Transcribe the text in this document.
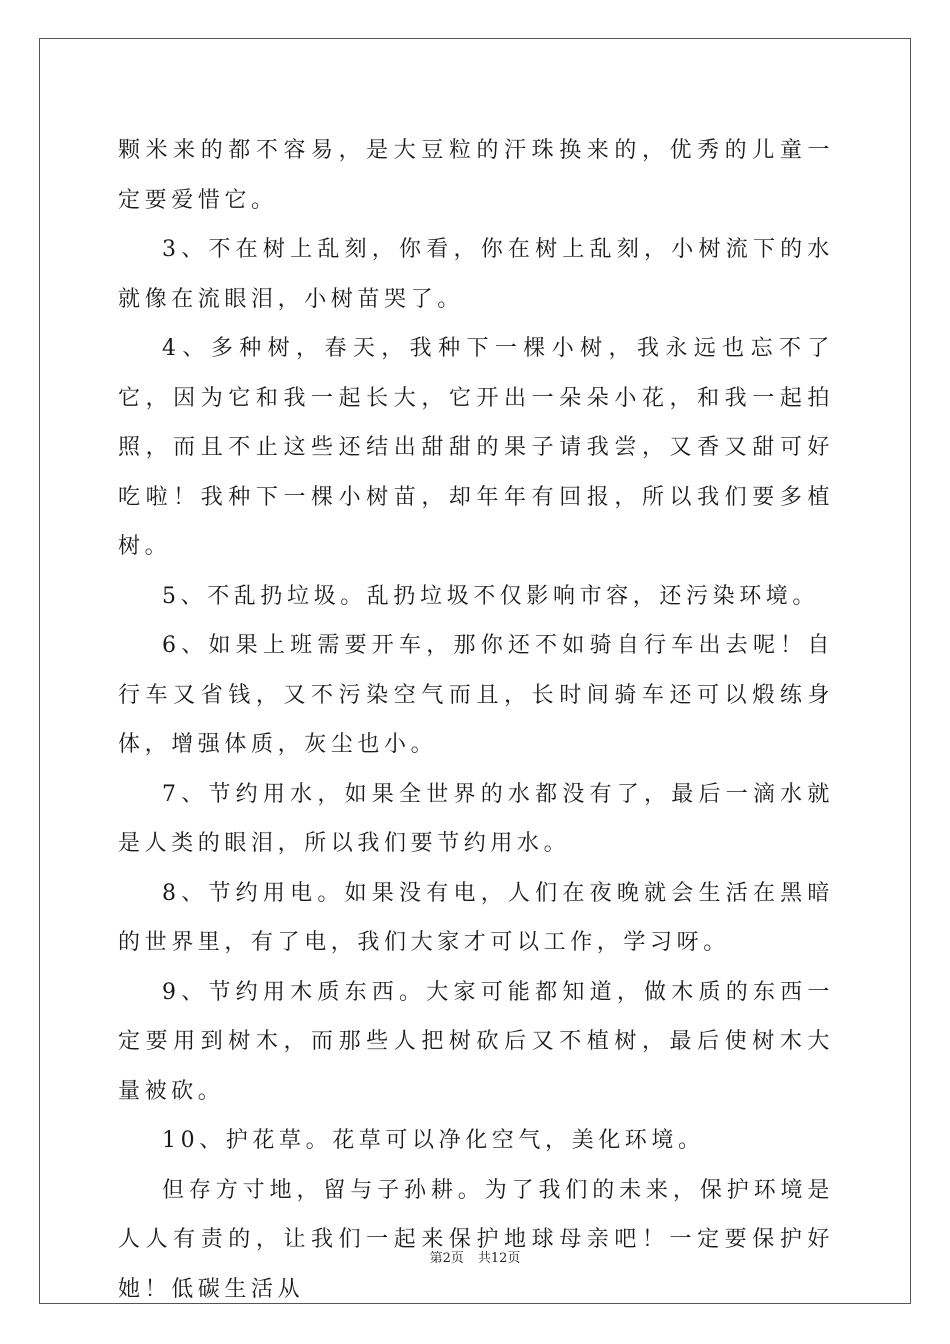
颗米来的都不容易，是大豆粒的汗珠换来的，优秀的儿童一定要爱惜它。

3、不在树上乱刻，你看，你在树上乱刻，小树流下的水就像在流眼泪，小树苗哭了。

4、多种树，春天，我种下一棵小树，我永远也忘不了它，因为它和我一起长大，它开出一朵朵小花，和我一起拍照，而且不止这些还结出甜甜的果子请我尝，又香又甜可好吃啦！我种下一棵小树苗，却年年有回报，所以我们要多植树。

5、不乱扔垃圾。乱扔垃圾不仅影响市容，还污染环境。

6、如果上班需要开车，那你还不如骑自行车出去呢！自行车又省钱，又不污染空气而且，长时间骑车还可以煅练身体，增强体质，灰尘也小。

7、节约用水，如果全世界的水都没有了，最后一滴水就是人类的眼泪，所以我们要节约用水。

8、节约用电。如果没有电，人们在夜晚就会生活在黑暗的世界里，有了电，我们大家才可以工作，学习呀。

9、节约用木质东西。大家可能都知道，做木质的东西一定要用到树木，而那些人把树砍后又不植树，最后使树木大量被砍。

10、护花草。花草可以净化空气，美化环境。

但存方寸地，留与子孙耕。为了我们的未来，保护环境是人人有责的，让我们一起来保护地球母亲吧！一定要保护好她！低碳生活从

第2页 共12页
